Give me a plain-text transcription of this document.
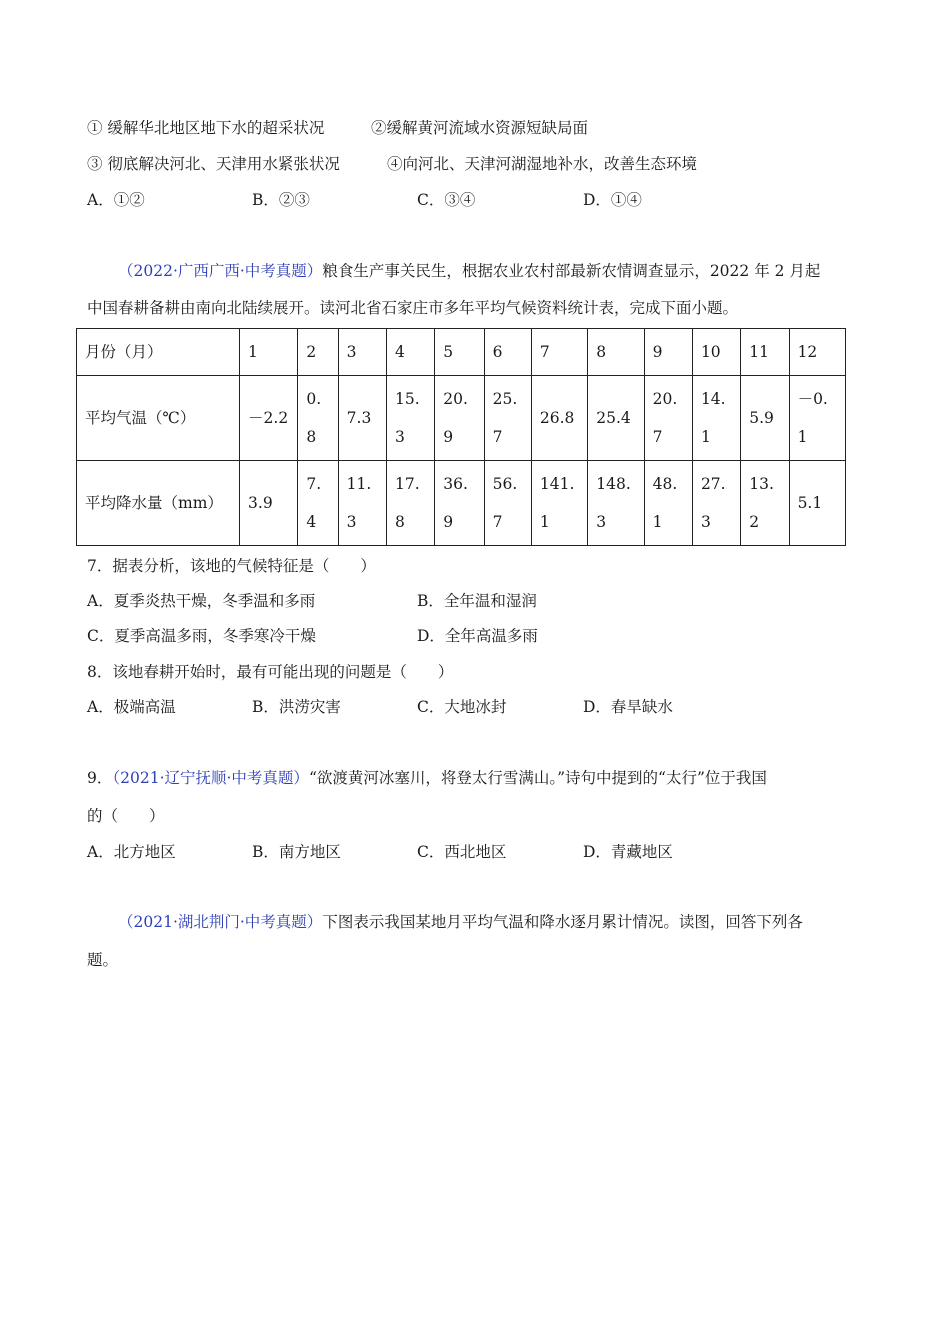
① 缓解华北地区地下水的超采状况	②缓解黄河流域水资源短缺局面
③ 彻底解决河北、天津用水紧张状况	④向河北、天津河湖湿地补水，改善生态环境
A．①②	B．②③	C．③④	D．①④
（2022·广西广西·中考真题）粮食生产事关民生，根据农业农村部最新农情调查显示，2022 年 2 月起
中国春耕备耕由南向北陆续展开。读河北省石家庄市多年平均气候资料统计表，完成下面小题。
月份（月）	1	2	3	4	5	6	7	8	9	10	11	12
平均气温（℃）	－2.2	0.8	7.3	15.3	20.9	25.7	26.8	25.4	20.7	14.1	5.9	－0.1
平均降水量（mm）	3.9	7.4	11.3	17.8	36.9	56.7	141.1	148.3	48.1	27.3	13.2	5.1
7．据表分析，该地的气候特征是（　　）
A．夏季炎热干燥，冬季温和多雨	B．全年温和湿润
C．夏季高温多雨，冬季寒冷干燥	D．全年高温多雨
8．该地春耕开始时，最有可能出现的问题是（　　）
A．极端高温	B．洪涝灾害	C．大地冰封	D．春旱缺水
9．（2021·辽宁抚顺·中考真题）“欲渡黄河冰塞川，将登太行雪满山。”诗句中提到的“太行”位于我国
的（　　）
A．北方地区	B．南方地区	C．西北地区	D．青藏地区
（2021·湖北荆门·中考真题）下图表示我国某地月平均气温和降水逐月累计情况。读图，回答下列各
题。
